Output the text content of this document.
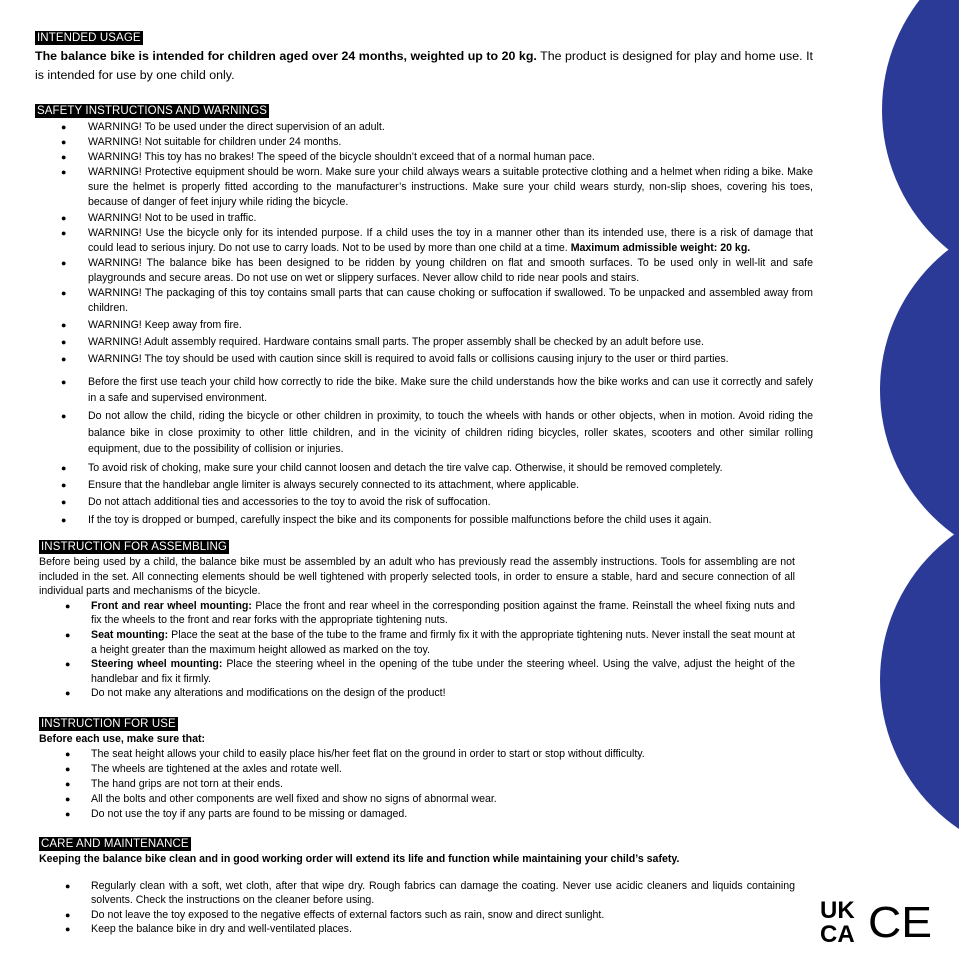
INTENDED USAGE

The balance bike is intended for children aged over 24 months, weighted up to 20 kg. The product is designed for play and home use. It is intended for use by one child only.

SAFETY INSTRUCTIONS AND WARNINGS
● WARNING! To be used under the direct supervision of an adult.
● WARNING! Not suitable for children under 24 months.
● WARNING! This toy has no brakes! The speed of the bicycle shouldn’t exceed that of a normal human pace.
● WARNING! Protective equipment should be worn. Make sure your child always wears a suitable protective clothing and a helmet when riding a bike. Make sure the helmet is properly fitted according to the manufacturer’s instructions. Make sure your child wears sturdy, non-slip shoes, covering his toes, because of danger of feet injury while riding the bicycle.
● WARNING! Not to be used in traffic.
● WARNING! Use the bicycle only for its intended purpose. If a child uses the toy in a manner other than its intended use, there is a risk of damage that could lead to serious injury. Do not use to carry loads. Not to be used by more than one child at a time. Maximum admissible weight: 20 kg.
● WARNING! The balance bike has been designed to be ridden by young children on flat and smooth surfaces. To be used only in well-lit and safe playgrounds and secure areas. Do not use on wet or slippery surfaces. Never allow child to ride near pools and stairs.
● WARNING! The packaging of this toy contains small parts that can cause choking or suffocation if swallowed. To be unpacked and assembled away from children.
● WARNING! Keep away from fire.
● WARNING! Adult assembly required. Hardware contains small parts. The proper assembly shall be checked by an adult before use.
● WARNING! The toy should be used with caution since skill is required to avoid falls or collisions causing injury to the user or third parties.
● Before the first use teach your child how correctly to ride the bike. Make sure the child understands how the bike works and can use it correctly and safely in a safe and supervised environment.
● Do not allow the child, riding the bicycle or other children in proximity, to touch the wheels with hands or other objects, when in motion. Avoid riding the balance bike in close proximity to other little children, and in the vicinity of children riding bicycles, roller skates, scooters and other similar rolling equipment, due to the possibility of collision or injuries.
● To avoid risk of choking, make sure your child cannot loosen and detach the tire valve cap. Otherwise, it should be removed completely.
● Ensure that the handlebar angle limiter is always securely connected to its attachment, where applicable.
● Do not attach additional ties and accessories to the toy to avoid the risk of suffocation.
● If the toy is dropped or bumped, carefully inspect the bike and its components for possible malfunctions before the child uses it again.
INSTRUCTION FOR ASSEMBLING

Before being used by a child, the balance bike must be assembled by an adult who has previously read the assembly instructions. Tools for assembling are not included in the set. All connecting elements should be well tightened with properly selected tools, in order to ensure a stable, hard and secure connection of all individual parts and mechanisms of the bicycle.

● Front and rear wheel mounting: Place the front and rear wheel in the corresponding position against the frame. Reinstall the wheel fixing nuts and fix the wheels to the front and rear forks with the appropriate tightening nuts.
● Seat mounting: Place the seat at the base of the tube to the frame and firmly fix it with the appropriate tightening nuts. Never install the seat mount at a height greater than the maximum height allowed as marked on the toy.
● Steering wheel mounting: Place the steering wheel in the opening of the tube under the steering wheel. Using the valve, adjust the height of the handlebar and fix it firmly.
● Do not make any alterations and modifications on the design of the product!
INSTRUCTION FOR USE

Before each use, make sure that:

● The seat height allows your child to easily place his/her feet flat on the ground in order to start or stop without difficulty.
● The wheels are tightened at the axles and rotate well.
● The hand grips are not torn at their ends.
● All the bolts and other components are well fixed and show no signs of abnormal wear.
● Do not use the toy if any parts are found to be missing or damaged.
CARE AND MAINTENANCE

Keeping the balance bike clean and in good working order will extend its life and function while maintaining your child’s safety.

● Regularly clean with a soft, wet cloth, after that wipe dry. Rough fabrics can damage the coating. Never use acidic cleaners and liquids containing solvents. Check the instructions on the cleaner before using.
● Do not leave the toy exposed to the negative effects of external factors such as rain, snow and direct sunlight.
● Keep the balance bike in dry and well-ventilated places.
UK
CA CE
